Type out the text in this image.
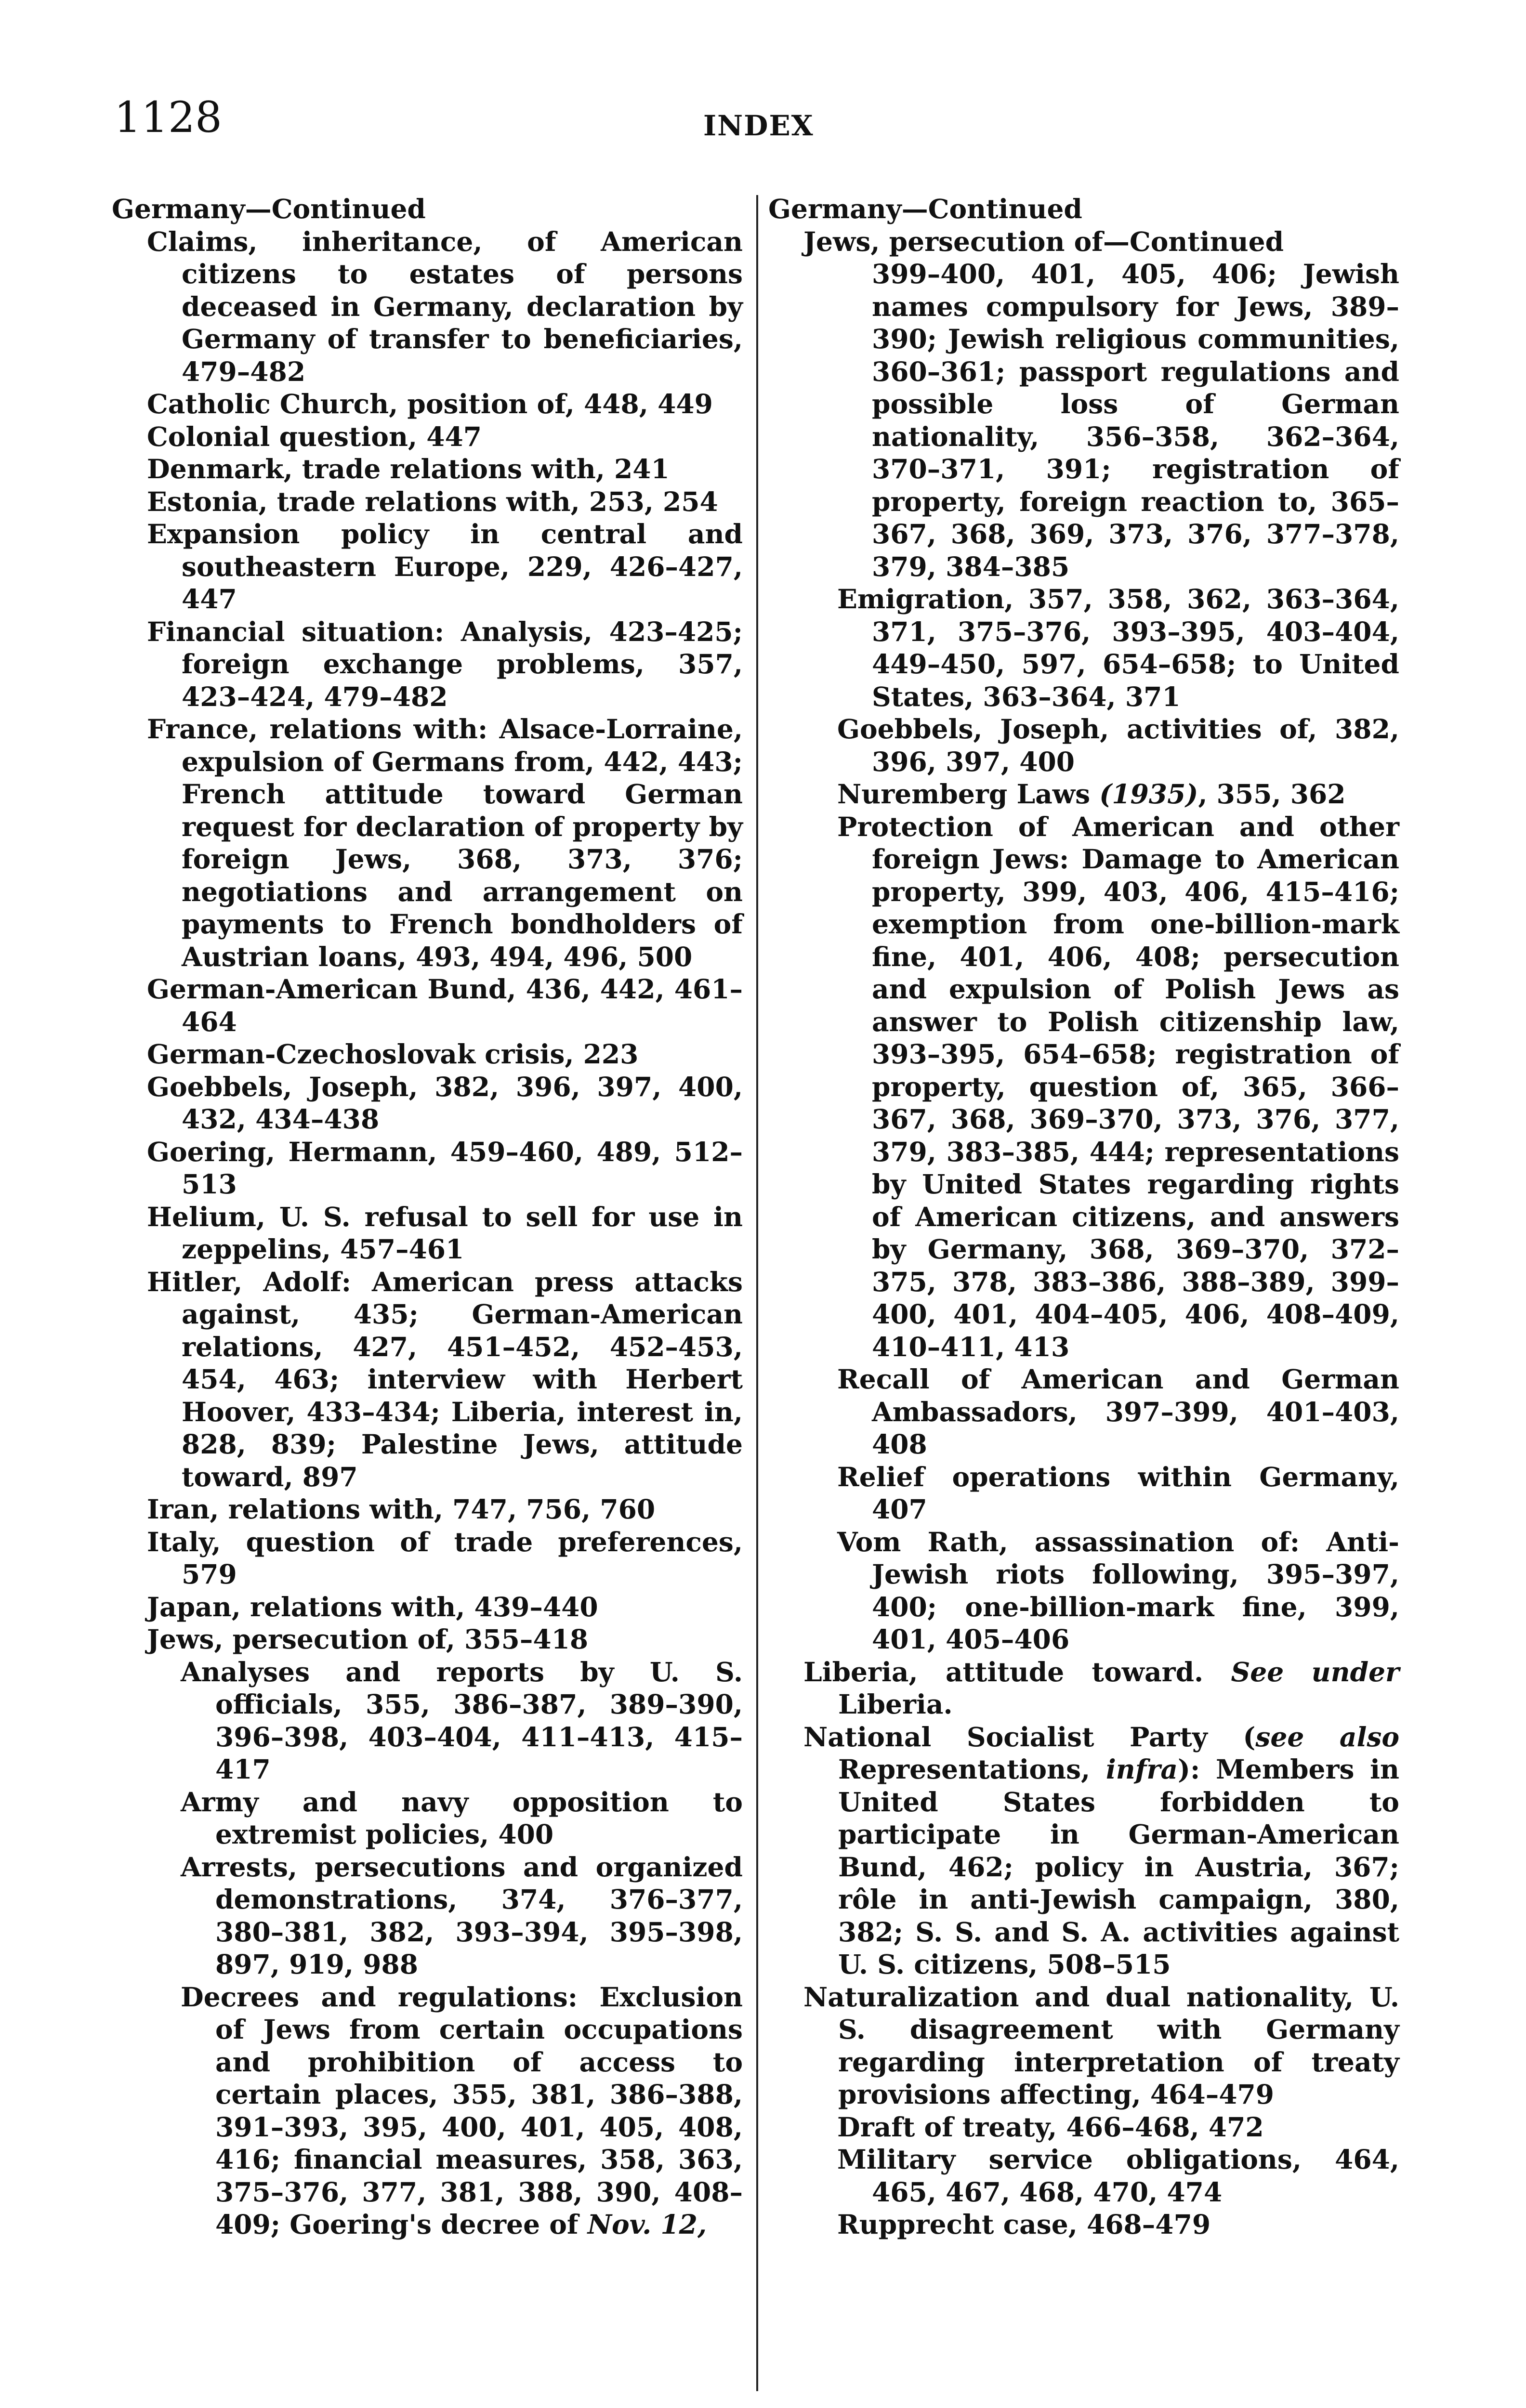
1128	INDEX
Germany—Continued
Claims, inheritance, of American citizens to estates of persons deceased in Germany, declaration by Germany of transfer to beneficiaries, 479–482
Catholic Church, position of, 448, 449
Colonial question, 447
Denmark, trade relations with, 241
Estonia, trade relations with, 253, 254
Expansion policy in central and southeastern Europe, 229, 426–427, 447
Financial situation: Analysis, 423–425; foreign exchange problems, 357, 423–424, 479–482
France, relations with: Alsace-Lorraine, expulsion of Germans from, 442, 443; French attitude toward German request for declaration of property by foreign Jews, 368, 373, 376; negotiations and arrangement on payments to French bondholders of Austrian loans, 493, 494, 496, 500
German-American Bund, 436, 442, 461–464
German-Czechoslovak crisis, 223
Goebbels, Joseph, 382, 396, 397, 400, 432, 434–438
Goering, Hermann, 459–460, 489, 512–513
Helium, U. S. refusal to sell for use in zeppelins, 457–461
Hitler, Adolf: American press attacks against, 435; German-American relations, 427, 451–452, 452–453, 454, 463; interview with Herbert Hoover, 433–434; Liberia, interest in, 828, 839; Palestine Jews, attitude toward, 897
Iran, relations with, 747, 756, 760
Italy, question of trade preferences, 579
Japan, relations with, 439–440
Jews, persecution of, 355–418
Analyses and reports by U. S. officials, 355, 386–387, 389–390, 396–398, 403–404, 411–413, 415–417
Army and navy opposition to extremist policies, 400
Arrests, persecutions and organized demonstrations, 374, 376–377, 380–381, 382, 393–394, 395–398, 897, 919, 988
Decrees and regulations: Exclusion of Jews from certain occupations and prohibition of access to certain places, 355, 381, 386–388, 391–393, 395, 400, 401, 405, 408, 416; financial measures, 358, 363, 375–376, 377, 381, 388, 390, 408–409; Goering's decree of Nov. 12,
Germany—Continued
Jews, persecution of—Continued
399–400, 401, 405, 406; Jewish names compulsory for Jews, 389–390; Jewish religious communities, 360–361; passport regulations and possible loss of German nationality, 356–358, 362–364, 370–371, 391; registration of property, foreign reaction to, 365–367, 368, 369, 373, 376, 377–378, 379, 384–385
Emigration, 357, 358, 362, 363–364, 371, 375–376, 393–395, 403–404, 449–450, 597, 654–658; to United States, 363–364, 371
Goebbels, Joseph, activities of, 382, 396, 397, 400
Nuremberg Laws (1935), 355, 362
Protection of American and other foreign Jews: Damage to American property, 399, 403, 406, 415–416; exemption from one-billion-mark fine, 401, 406, 408; persecution and expulsion of Polish Jews as answer to Polish citizenship law, 393–395, 654–658; registration of property, question of, 365, 366–367, 368, 369–370, 373, 376, 377, 379, 383–385, 444; representations by United States regarding rights of American citizens, and answers by Germany, 368, 369–370, 372–375, 378, 383–386, 388–389, 399–400, 401, 404–405, 406, 408–409, 410–411, 413
Recall of American and German Ambassadors, 397–399, 401–403, 408
Relief operations within Germany, 407
Vom Rath, assassination of: Anti-Jewish riots following, 395–397, 400; one-billion-mark fine, 399, 401, 405–406
Liberia, attitude toward. See under Liberia.
National Socialist Party (see also Representations, infra): Members in United States forbidden to participate in German-American Bund, 462; policy in Austria, 367; rôle in anti-Jewish campaign, 380, 382; S. S. and S. A. activities against U. S. citizens, 508–515
Naturalization and dual nationality, U. S. disagreement with Germany regarding interpretation of treaty provisions affecting, 464–479
Draft of treaty, 466–468, 472
Military service obligations, 464, 465, 467, 468, 470, 474
Rupprecht case, 468–479
